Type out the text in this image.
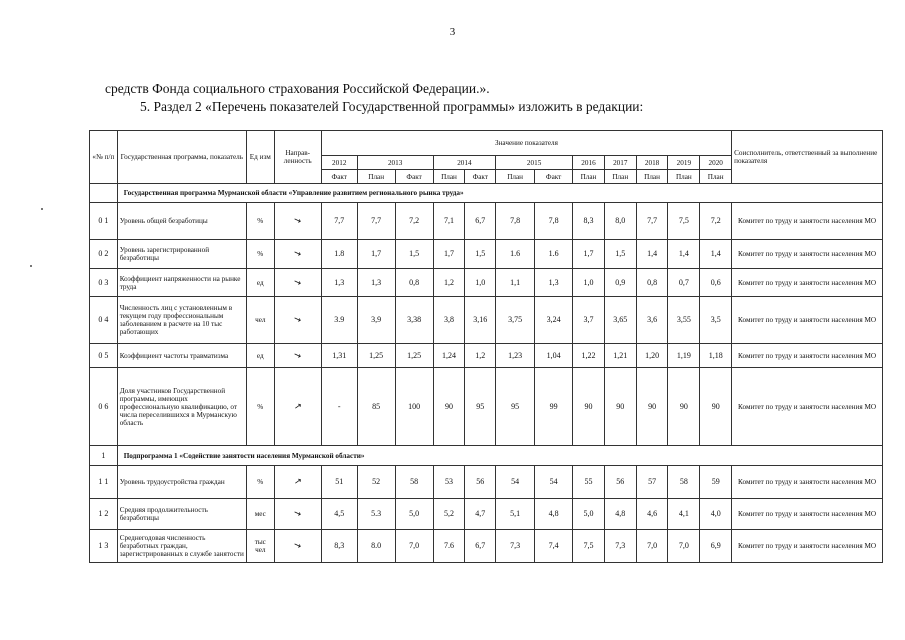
3
средств Фонда социального страхования Российской Федерации.».
5. Раздел 2 «Перечень показателей Государственной программы» изложить в редакции:
«№ п/п	Государственная программа, показатель	Ед изм	Направ-ленность	Значение показателя												Соисполнитель, ответственный за выполнение показателя
				2012	2013		2014		2015		2016	2017	2018	2019	2020	
				Факт	План	Факт	План	Факт	План	Факт	План	План	План	План	План	
	Государственная программа Мурманской области «Управление развитием регионального рынка труда»															
0 1	Уровень общей безработицы	%	↘	7,7	7,7	7,2	7,1	6,7	7,8	7,8	8,3	8,0	7,7	7,5	7,2	Комитет по труду и занятости населения МО
0 2	Уровень зарегистрированной безработицы	%	↘	1.8	1,7	1,5	1,7	1,5	1.6	1.6	1,7	1,5	1,4	1,4	1,4	Комитет по труду и занятости населения МО
0 3	Коэффициент напряженности на рынке труда	ед	↘	1,3	1,3	0,8	1,2	1,0	1,1	1,3	1,0	0,9	0,8	0,7	0,6	Комитет по труду и занятости населения МО
0 4	Численность лиц с установленным в текущем году профессиональным заболеванием в расчете на 10 тыс работающих	чел	↘	3.9	3,9	3,38	3,8	3,16	3,75	3,24	3,7	3,65	3,6	3,55	3,5	Комитет по труду и занятости населения МО
0 5	Коэффициент частоты травматизма	ед	↘	1,31	1,25	1,25	1,24	1,2	1,23	1,04	1,22	1,21	1,20	1,19	1,18	Комитет по труду и занятости населения МО
0 6	Доля участников Государственной программы, имеющих профессиональную квалификацию, от числа переселившихся в Мурманскую область	%	↗	-	85	100	90	95	95	99	90	90	90	90	90	Комитет по труду и занятости населения МО
1	Подпрограмма 1 «Содействие занятости населения Мурманской области»															
1 1	Уровень трудоустройства граждан	%	↗	51	52	58	53	56	54	54	55	56	57	58	59	Комитет по труду и занятости населения МО
1 2	Средняя продолжительность безработицы	мес	↘	4,5	5.3	5,0	5,2	4,7	5,1	4,8	5,0	4,8	4,6	4,1	4,0	Комитет по труду и занятости населения МО
1 3	Среднегодовая численность безработных граждан, зарегистрированных в службе занятости	тыс чел	↘	8,3	8.0	7,0	7.6	6,7	7,3	7,4	7,5	7,3	7,0	7,0	6,9	Комитет по труду и занятости населения МО
